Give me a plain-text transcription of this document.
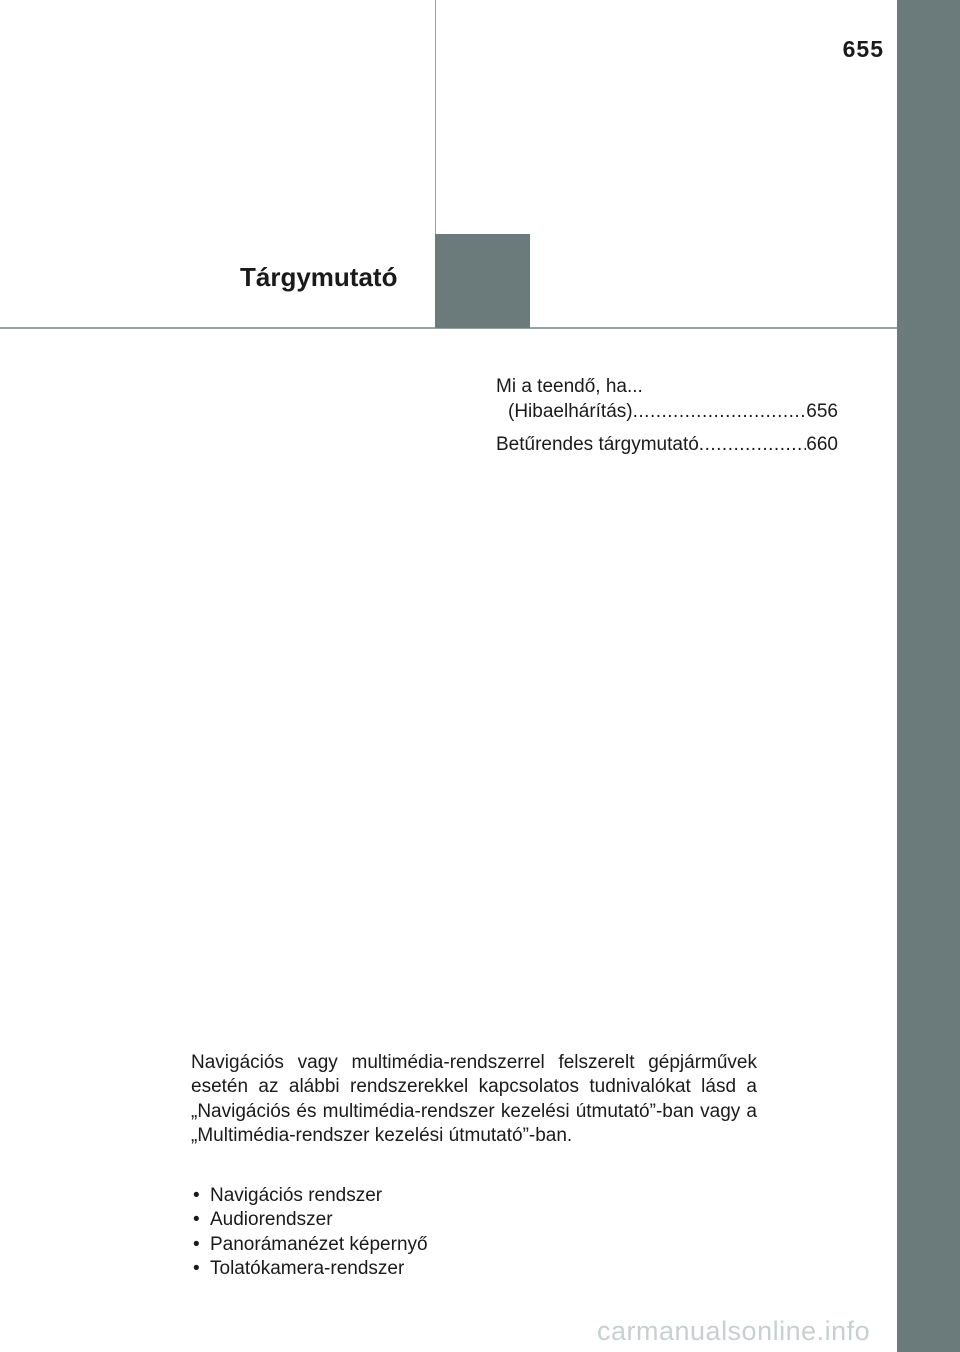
655
Tárgymutató
Mi a teendő, ha...
(Hibaelhárítás) .....	656
Betűrendes tárgymutató .....	660
Navigációs vagy multimédia-rendszerrel felszerelt gépjárművek esetén az alábbi rendszerekkel kapcsolatos tudnivalókat lásd a „Navigációs és multimédia-rendszer kezelési útmutató”-ban vagy a „Multimédia-rendszer kezelési útmutató”-ban.
• Navigációs rendszer
• Audiorendszer
• Panorámanézet képernyő
• Tolatókamera-rendszer
carmanualsonline.info
